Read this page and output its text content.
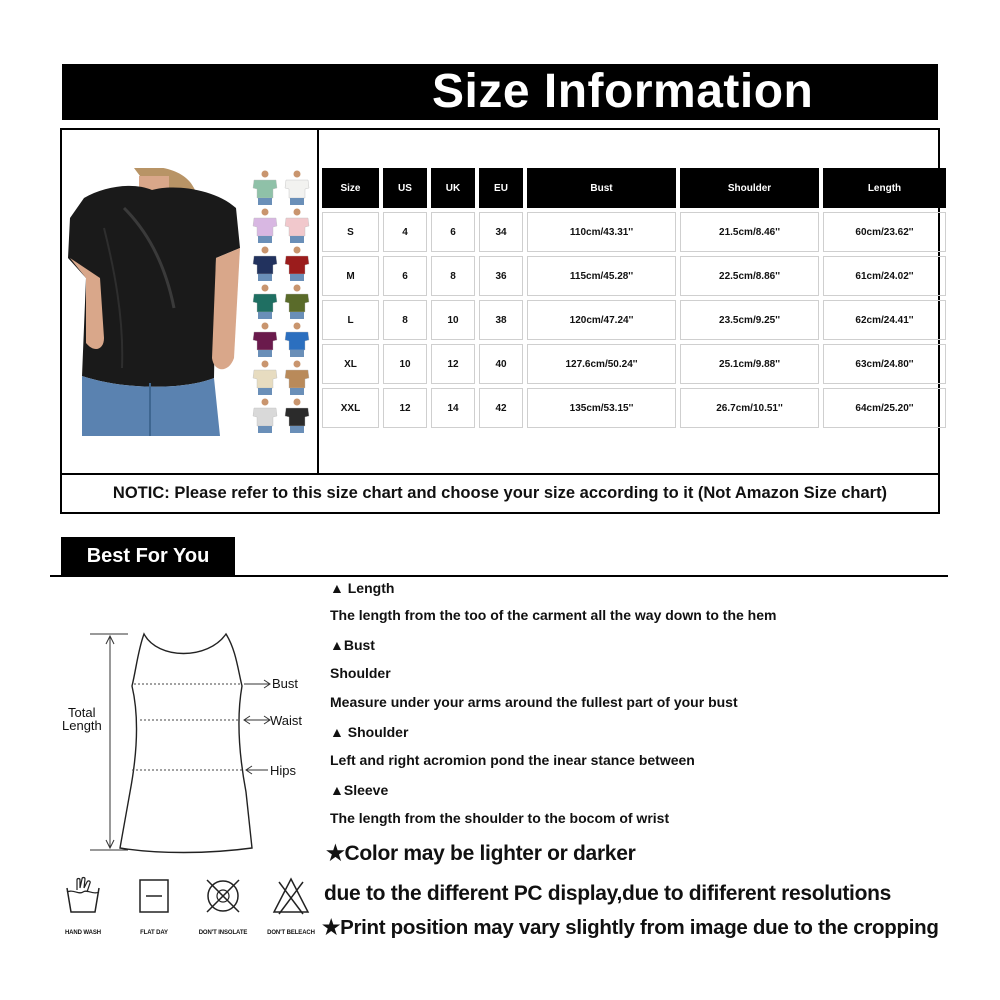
Size Information
NOTIC: Please refer to this size chart and choose your size according to it (Not Amazon Size chart)
Size	US	UK	EU	Bust	Shoulder	Length
S	4	6	34	110cm/43.31''	21.5cm/8.46''	60cm/23.62''
M	6	8	36	115cm/45.28''	22.5cm/8.86''	61cm/24.02''
L	8	10	38	120cm/47.24''	23.5cm/9.25''	62cm/24.41''
XL	10	12	40	127.6cm/50.24''	25.1cm/9.88''	63cm/24.80''
XXL	12	14	42	135cm/53.15''	26.7cm/10.51''	64cm/25.20''
Best For You
Total
Length
Bust
Waist
Hips
▲ Length
The length from the too of the carment all the way down to the hem
▲Bust
Shoulder
Measure under your arms around the fullest part of your bust
▲ Shoulder
Left and right acromion pond the inear stance between
▲Sleeve
The length from the shoulder to the bocom of wrist
★Color may be lighter or darker
due to the different PC display,due to dififerent resolutions
★Print position may vary slightly from image due to the cropping
HAND WASH	FLAT DAY	DON'T INSOLATE	DON'T BELEACH
